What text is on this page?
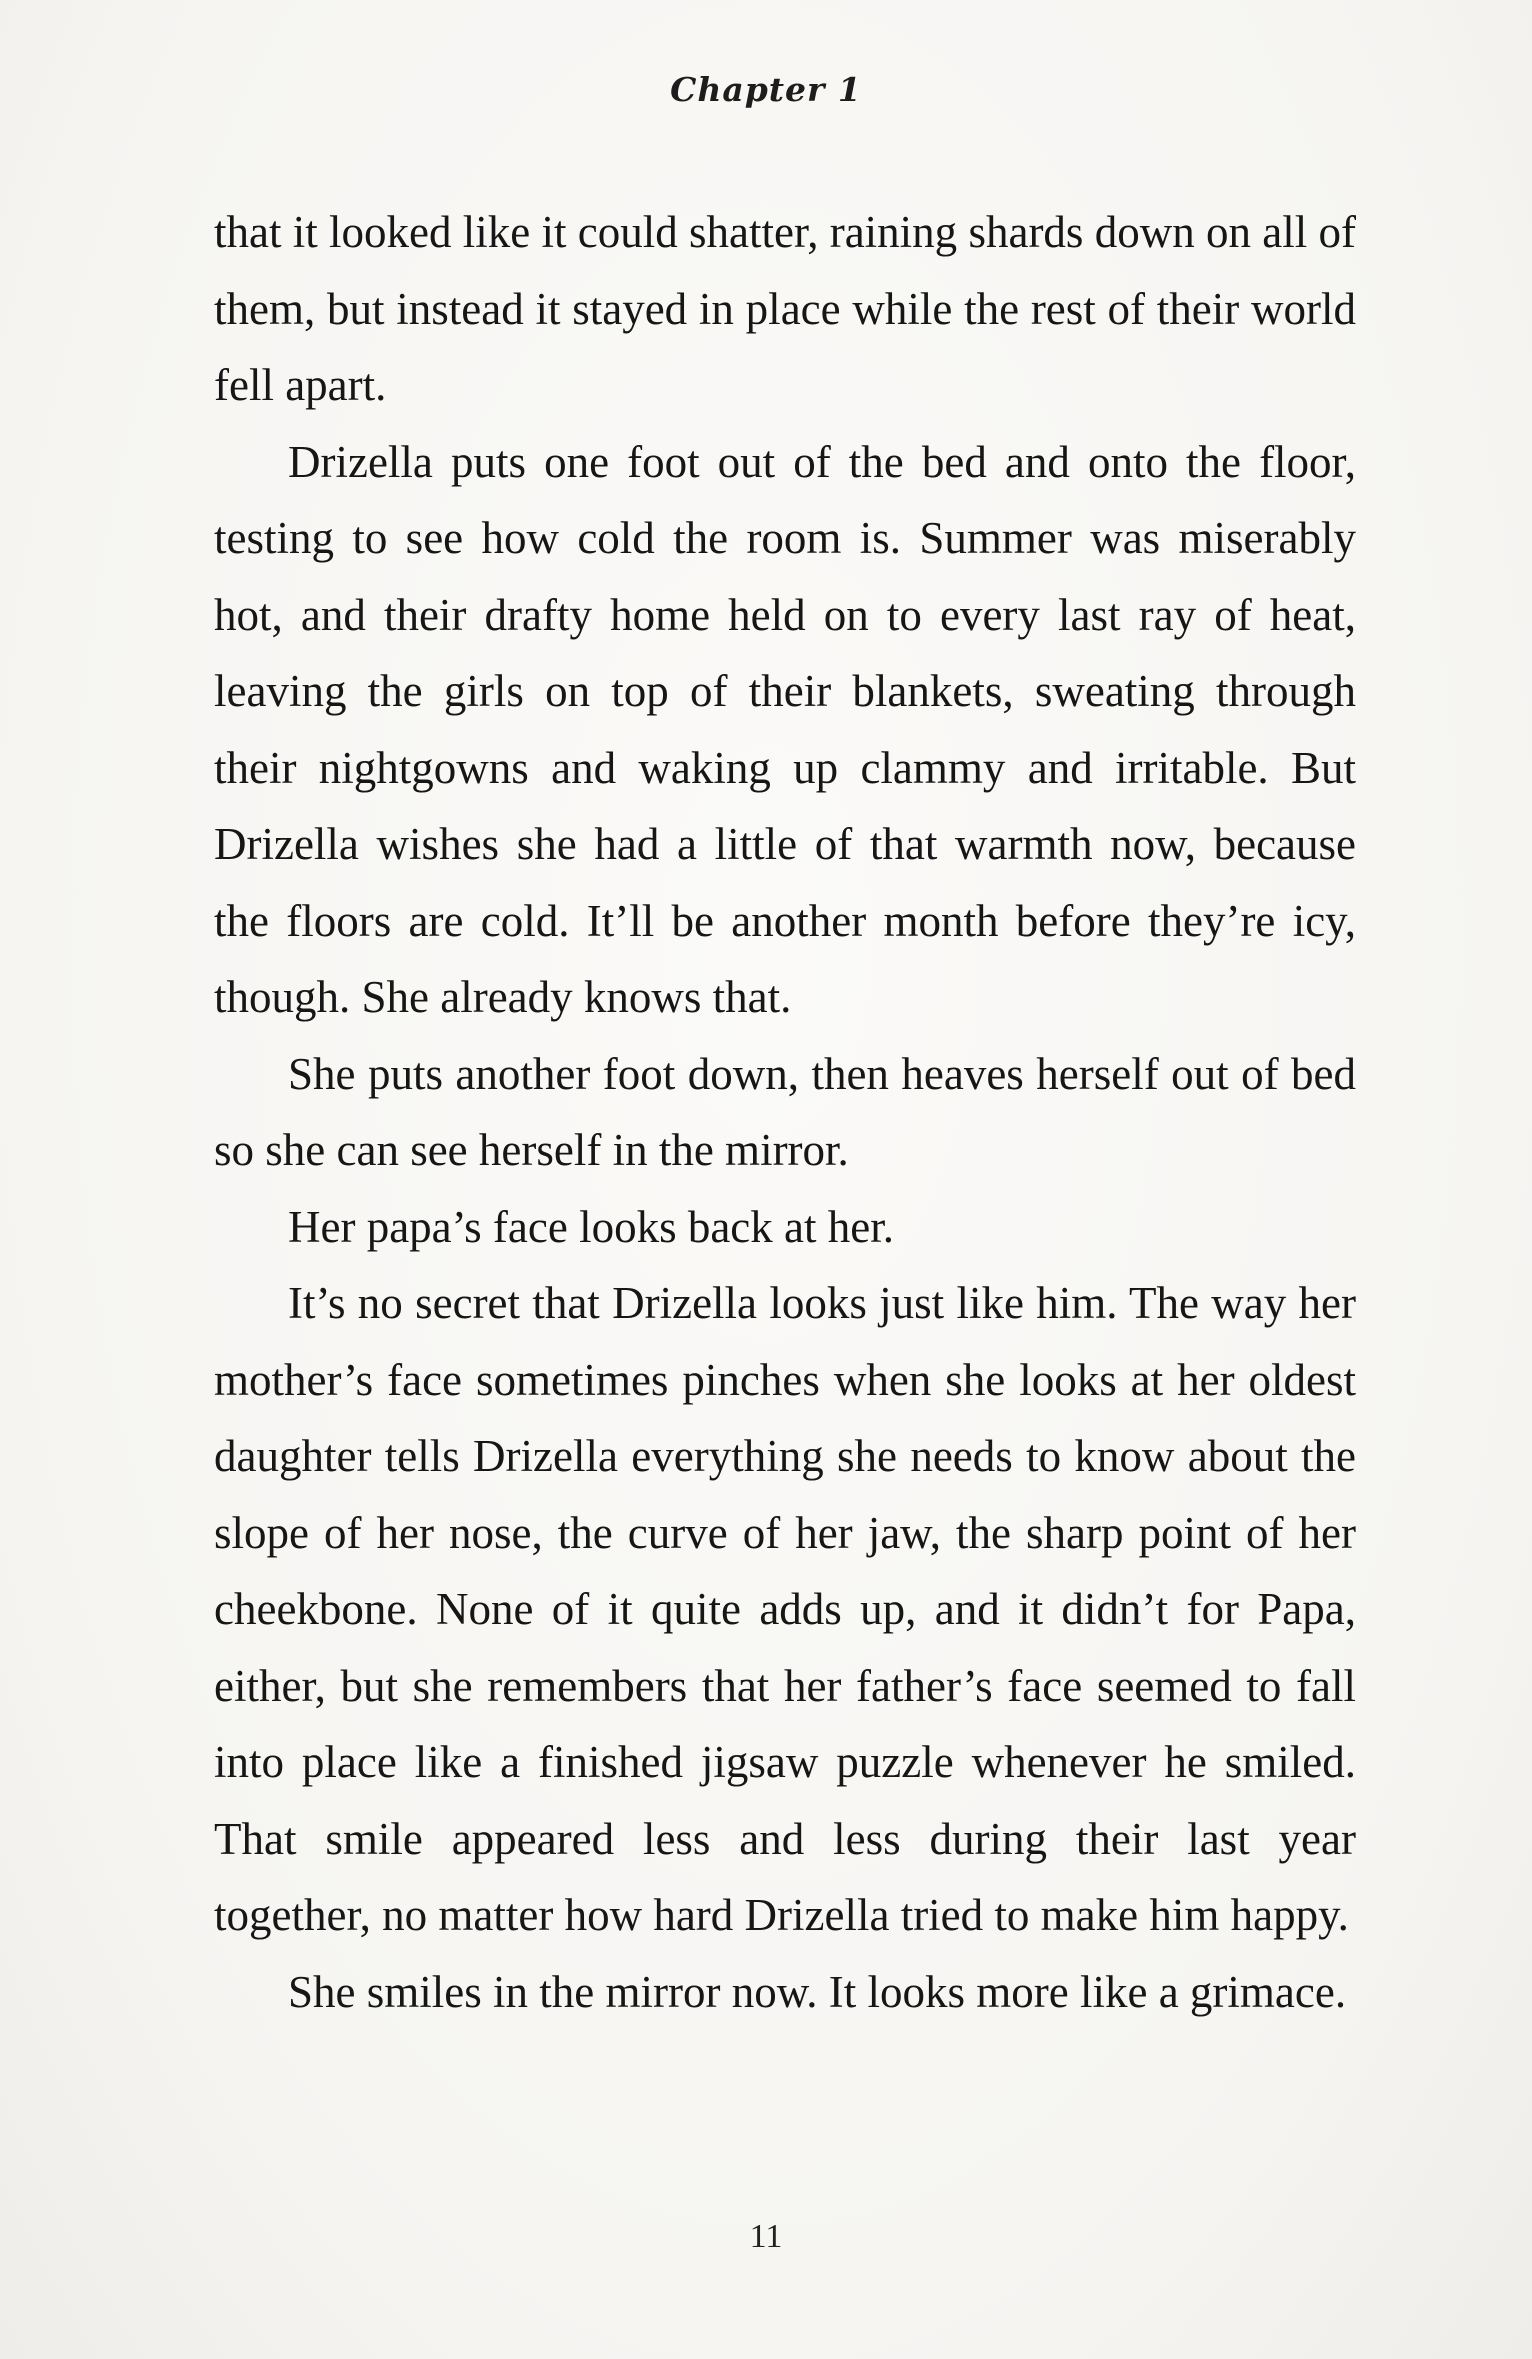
Chapter 1

that it looked like it could shatter, raining shards down on all of them, but instead it stayed in place while the rest of their world fell apart.

Drizella puts one foot out of the bed and onto the floor, testing to see how cold the room is. Summer was miserably hot, and their drafty home held on to every last ray of heat, leaving the girls on top of their blankets, sweating through their nightgowns and waking up clammy and irritable. But Drizella wishes she had a little of that warmth now, because the floors are cold. It’ll be another month before they’re icy, though. She already knows that.

She puts another foot down, then heaves herself out of bed so she can see herself in the mirror.

Her papa’s face looks back at her.

It’s no secret that Drizella looks just like him. The way her mother’s face sometimes pinches when she looks at her oldest daughter tells Drizella everything she needs to know about the slope of her nose, the curve of her jaw, the sharp point of her cheekbone. None of it quite adds up, and it didn’t for Papa, either, but she remembers that her father’s face seemed to fall into place like a finished jigsaw puzzle whenever he smiled. That smile appeared less and less during their last year together, no matter how hard Drizella tried to make him happy.

She smiles in the mirror now. It looks more like a grimace.

11
